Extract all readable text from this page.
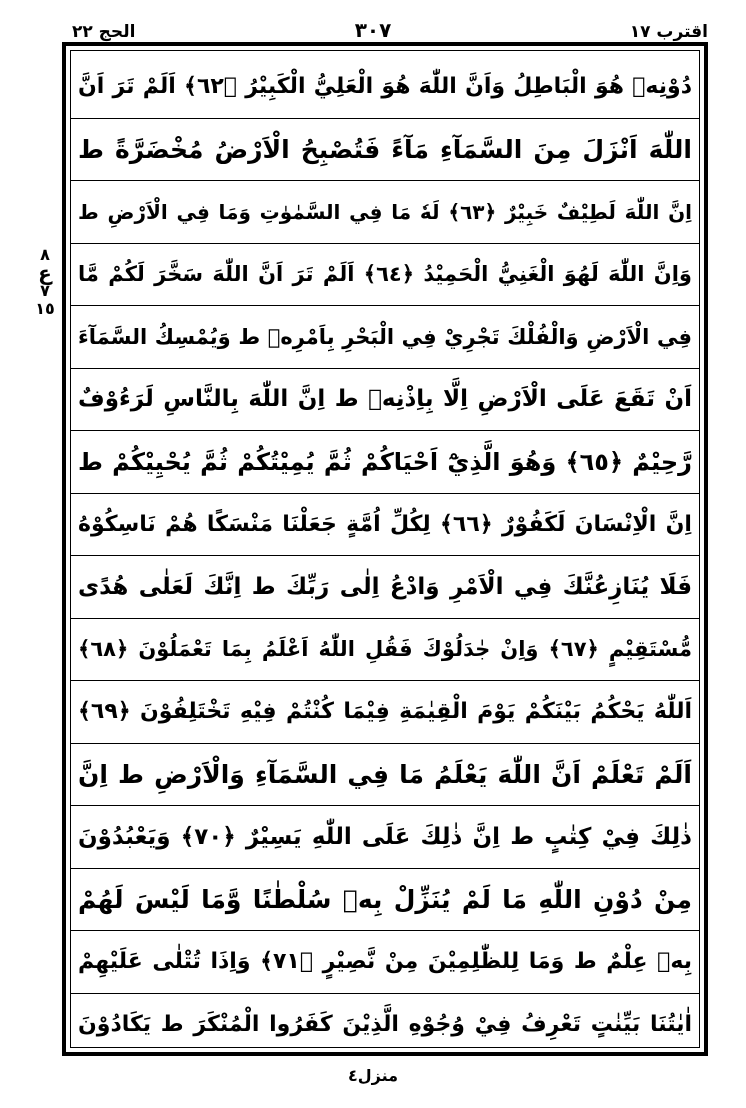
الحج ٢٢	٣٠٧	اقترب ١٧
٨
ع
٧
١٥
دُوْنِهٖ هُوَ الْبَاطِلُ وَاَنَّ اللّٰهَ هُوَ الْعَلِيُّ الْكَبِيْرُ ﴿٦٢﴾ اَلَمْ تَرَ اَنَّ
اللّٰهَ اَنْزَلَ مِنَ السَّمَآءِ مَآءً فَتُصْبِحُ الْاَرْضُ مُخْضَرَّةً ط
اِنَّ اللّٰهَ لَطِيْفٌ خَبِيْرٌ ﴿٦٣﴾ لَهٗ مَا فِي السَّمٰوٰتِ وَمَا فِي الْاَرْضِ ط
وَاِنَّ اللّٰهَ لَهُوَ الْغَنِيُّ الْحَمِيْدُ ﴿٦٤﴾ اَلَمْ تَرَ اَنَّ اللّٰهَ سَخَّرَ لَكُمْ مَّا
فِي الْاَرْضِ وَالْفُلْكَ تَجْرِيْ فِي الْبَحْرِ بِاَمْرِهٖ ط وَيُمْسِكُ السَّمَآءَ
اَنْ تَقَعَ عَلَى الْاَرْضِ اِلَّا بِاِذْنِهٖ ط اِنَّ اللّٰهَ بِالنَّاسِ لَرَءُوْفٌ
رَّحِيْمٌ ﴿٦٥﴾ وَهُوَ الَّذِيْٓ اَحْيَاكُمْ ثُمَّ يُمِيْتُكُمْ ثُمَّ يُحْيِيْكُمْ ط
اِنَّ الْاِنْسَانَ لَكَفُوْرٌ ﴿٦٦﴾ لِكُلِّ اُمَّةٍ جَعَلْنَا مَنْسَكًا هُمْ نَاسِكُوْهُ
فَلَا يُنَازِعُنَّكَ فِي الْاَمْرِ وَادْعُ اِلٰى رَبِّكَ ط اِنَّكَ لَعَلٰى هُدًى
مُّسْتَقِيْمٍ ﴿٦٧﴾ وَاِنْ جٰدَلُوْكَ فَقُلِ اللّٰهُ اَعْلَمُ بِمَا تَعْمَلُوْنَ ﴿٦٨﴾
اَللّٰهُ يَحْكُمُ بَيْنَكُمْ يَوْمَ الْقِيٰمَةِ فِيْمَا كُنْتُمْ فِيْهِ تَخْتَلِفُوْنَ ﴿٦٩﴾
اَلَمْ تَعْلَمْ اَنَّ اللّٰهَ يَعْلَمُ مَا فِي السَّمَآءِ وَالْاَرْضِ ط اِنَّ
ذٰلِكَ فِيْ كِتٰبٍ ط اِنَّ ذٰلِكَ عَلَى اللّٰهِ يَسِيْرٌ ﴿٧٠﴾ وَيَعْبُدُوْنَ
مِنْ دُوْنِ اللّٰهِ مَا لَمْ يُنَزِّلْ بِهٖ سُلْطٰنًا وَّمَا لَيْسَ لَهُمْ
بِهٖ عِلْمٌ ط وَمَا لِلظّٰلِمِيْنَ مِنْ نَّصِيْرٍ ﴿٧١﴾ وَاِذَا تُتْلٰى عَلَيْهِمْ
اٰيٰتُنَا بَيِّنٰتٍ تَعْرِفُ فِيْ وُجُوْهِ الَّذِيْنَ كَفَرُوا الْمُنْكَرَ ط يَكَادُوْنَ
منزل٤
